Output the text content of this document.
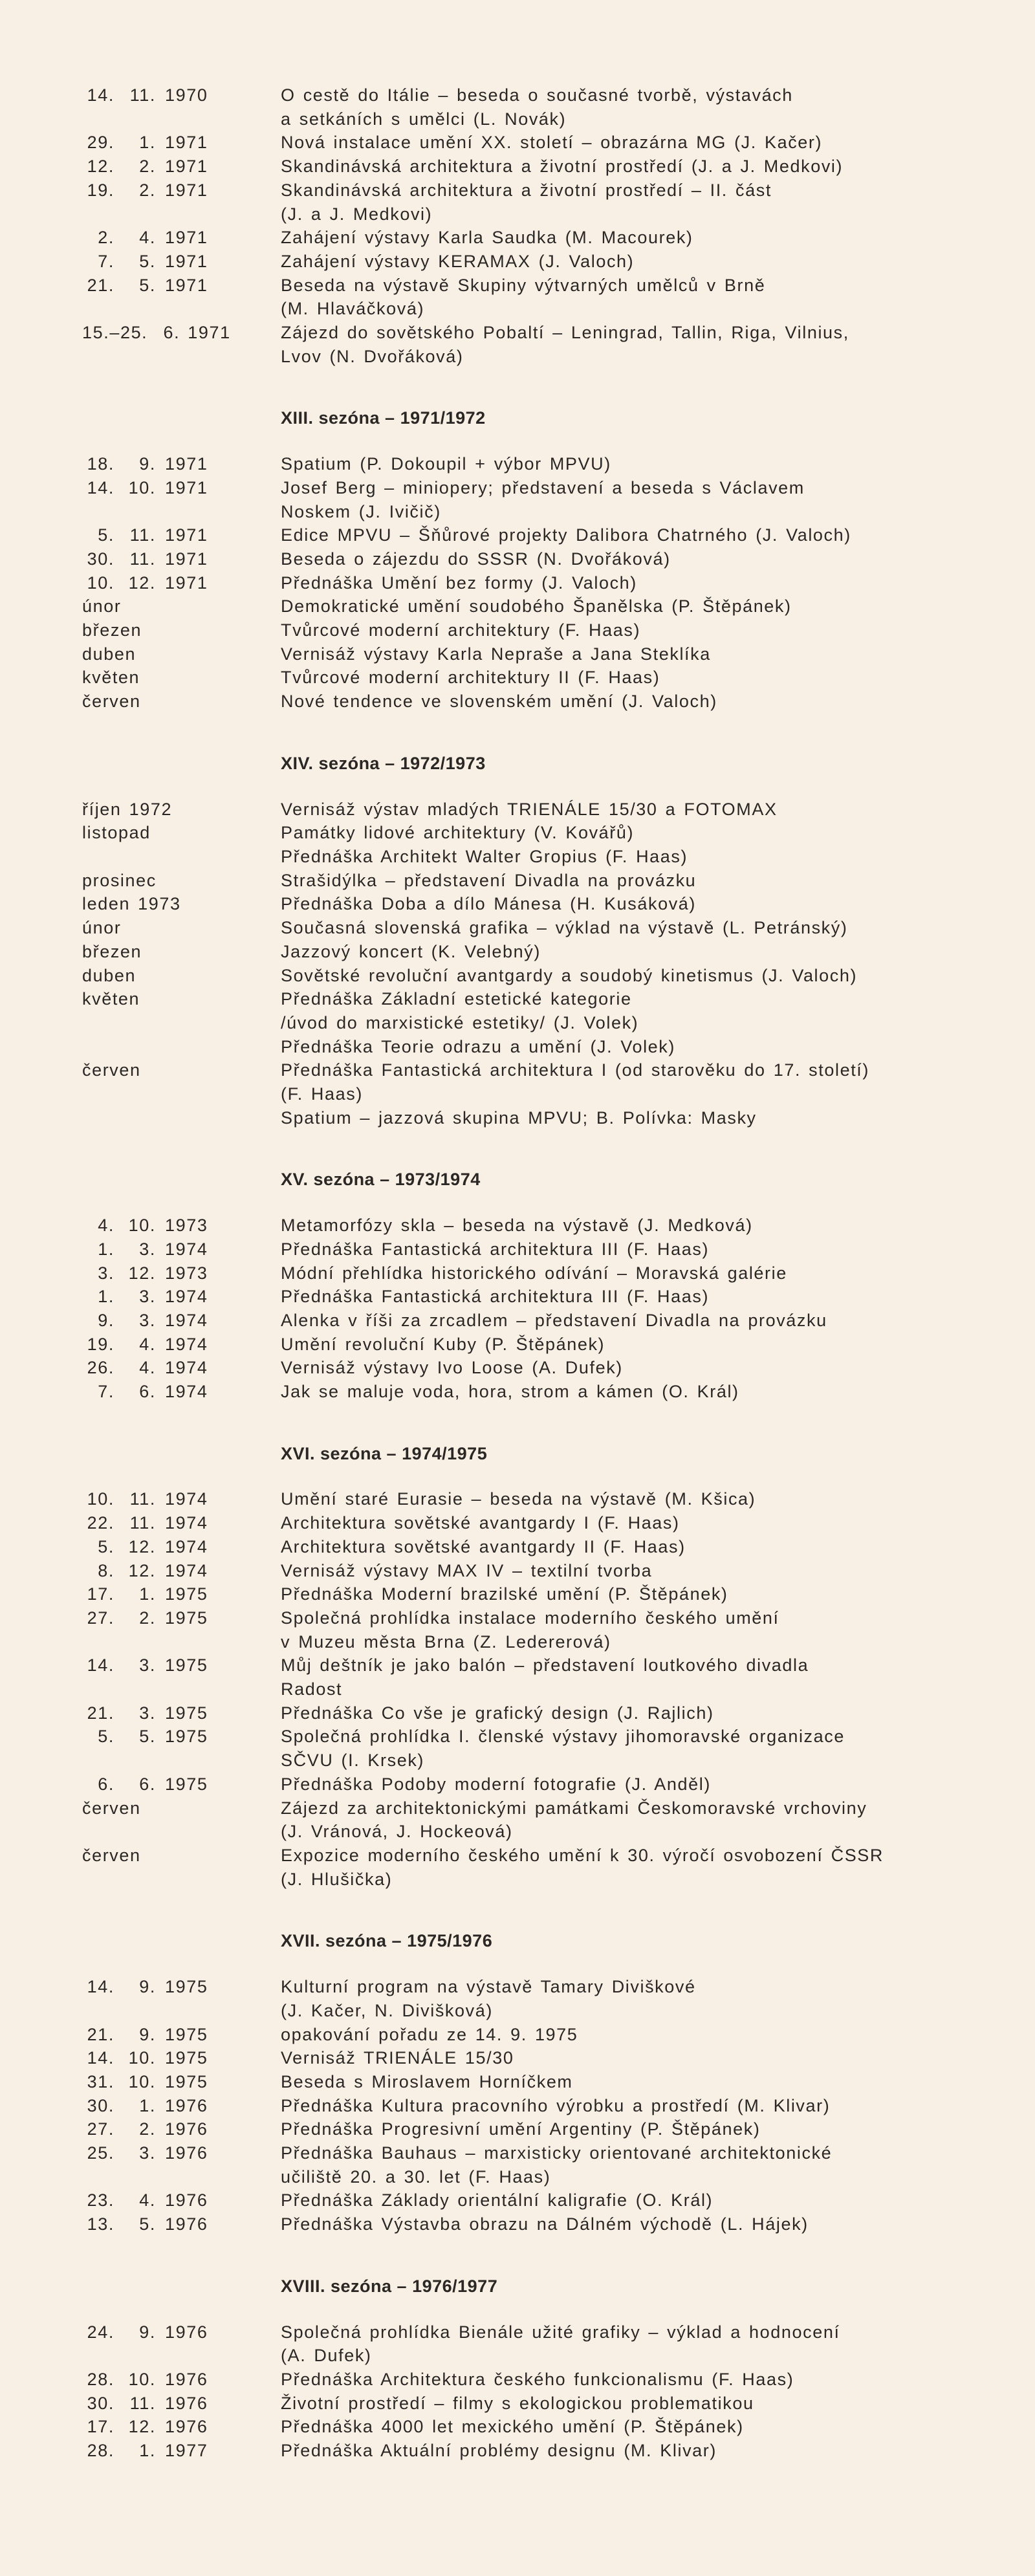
14. 11. 1970	O cestě do Itálie – beseda o současné tvorbě, výstavách
a setkáních s umělci (L. Novák)
29. 1. 1971	Nová instalace umění XX. století – obrazárna MG (J. Kačer)
12. 2. 1971	Skandinávská architektura a životní prostředí (J. a J. Medkovi)
19. 2. 1971	Skandinávská architektura a životní prostředí – II. část
(J. a J. Medkovi)
2. 4. 1971	Zahájení výstavy Karla Saudka (M. Macourek)
7. 5. 1971	Zahájení výstavy KERAMAX (J. Valoch)
21. 5. 1971	Beseda na výstavě Skupiny výtvarných umělců v Brně
(M. Hlaváčková)
15.–25.  6. 1971	Zájezd do sovětského Pobaltí – Leningrad, Tallin, Riga, Vilnius,
Lvov (N. Dvořáková)
XIII. sezóna – 1971/1972
18. 9. 1971	Spatium (P. Dokoupil + výbor MPVU)
14. 10. 1971	Josef Berg – miniopery; představení a beseda s Václavem
Noskem (J. Ivičič)
5. 11. 1971	Edice MPVU – Šňůrové projekty Dalibora Chatrného (J. Valoch)
30. 11. 1971	Beseda o zájezdu do SSSR (N. Dvořáková)
10. 12. 1971	Přednáška Umění bez formy (J. Valoch)
únor	Demokratické umění soudobého Španělska (P. Štěpánek)
březen	Tvůrcové moderní architektury (F. Haas)
duben	Vernisáž výstavy Karla Nepraše a Jana Steklíka
květen	Tvůrcové moderní architektury II (F. Haas)
červen	Nové tendence ve slovenském umění (J. Valoch)
XIV. sezóna – 1972/1973
říjen 1972	Vernisáž výstav mladých TRIENÁLE 15/30 a FOTOMAX
listopad	Památky lidové architektury (V. Kovářů)
Přednáška Architekt Walter Gropius (F. Haas)
prosinec	Strašidýlka – představení Divadla na provázku
leden 1973	Přednáška Doba a dílo Mánesa (H. Kusáková)
únor	Současná slovenská grafika – výklad na výstavě (L. Petránský)
březen	Jazzový koncert (K. Velebný)
duben	Sovětské revoluční avantgardy a soudobý kinetismus (J. Valoch)
květen	Přednáška Základní estetické kategorie
/úvod do marxistické estetiky/ (J. Volek)
Přednáška Teorie odrazu a umění (J. Volek)
červen	Přednáška Fantastická architektura I (od starověku do 17. století)
(F. Haas)
Spatium – jazzová skupina MPVU; B. Polívka: Masky
XV. sezóna – 1973/1974
4. 10. 1973	Metamorfózy skla – beseda na výstavě (J. Medková)
1. 3. 1974	Přednáška Fantastická architektura III (F. Haas)
3. 12. 1973	Módní přehlídka historického odívání – Moravská galérie
1. 3. 1974	Přednáška Fantastická architektura III (F. Haas)
9. 3. 1974	Alenka v říši za zrcadlem – představení Divadla na provázku
19. 4. 1974	Umění revoluční Kuby (P. Štěpánek)
26. 4. 1974	Vernisáž výstavy Ivo Loose (A. Dufek)
7. 6. 1974	Jak se maluje voda, hora, strom a kámen (O. Král)
XVI. sezóna – 1974/1975
10. 11. 1974	Umění staré Eurasie – beseda na výstavě (M. Kšica)
22. 11. 1974	Architektura sovětské avantgardy I (F. Haas)
5. 12. 1974	Architektura sovětské avantgardy II (F. Haas)
8. 12. 1974	Vernisáž výstavy MAX IV – textilní tvorba
17. 1. 1975	Přednáška Moderní brazilské umění (P. Štěpánek)
27. 2. 1975	Společná prohlídka instalace moderního českého umění
v Muzeu města Brna (Z. Ledererová)
14. 3. 1975	Můj deštník je jako balón – představení loutkového divadla
Radost
21. 3. 1975	Přednáška Co vše je grafický design (J. Rajlich)
5. 5. 1975	Společná prohlídka I. členské výstavy jihomoravské organizace
SČVU (I. Krsek)
6. 6. 1975	Přednáška Podoby moderní fotografie (J. Anděl)
červen	Zájezd za architektonickými památkami Českomoravské vrchoviny
(J. Vránová, J. Hockeová)
červen	Expozice moderního českého umění k 30. výročí osvobození ČSSR
(J. Hlušička)
XVII. sezóna – 1975/1976
14. 9. 1975	Kulturní program na výstavě Tamary Diviškové
(J. Kačer, N. Divišková)
21. 9. 1975	opakování pořadu ze 14. 9. 1975
14. 10. 1975	Vernisáž TRIENÁLE 15/30
31. 10. 1975	Beseda s Miroslavem Horníčkem
30. 1. 1976	Přednáška Kultura pracovního výrobku a prostředí (M. Klivar)
27. 2. 1976	Přednáška Progresivní umění Argentiny (P. Štěpánek)
25. 3. 1976	Přednáška Bauhaus – marxisticky orientované architektonické
učiliště 20. a 30. let (F. Haas)
23. 4. 1976	Přednáška Základy orientální kaligrafie (O. Král)
13. 5. 1976	Přednáška Výstavba obrazu na Dálném východě (L. Hájek)
XVIII. sezóna – 1976/1977
24. 9. 1976	Společná prohlídka Bienále užité grafiky – výklad a hodnocení
(A. Dufek)
28. 10. 1976	Přednáška Architektura českého funkcionalismu (F. Haas)
30. 11. 1976	Životní prostředí – filmy s ekologickou problematikou
17. 12. 1976	Přednáška 4000 let mexického umění (P. Štěpánek)
28. 1. 1977	Přednáška Aktuální problémy designu (M. Klivar)
